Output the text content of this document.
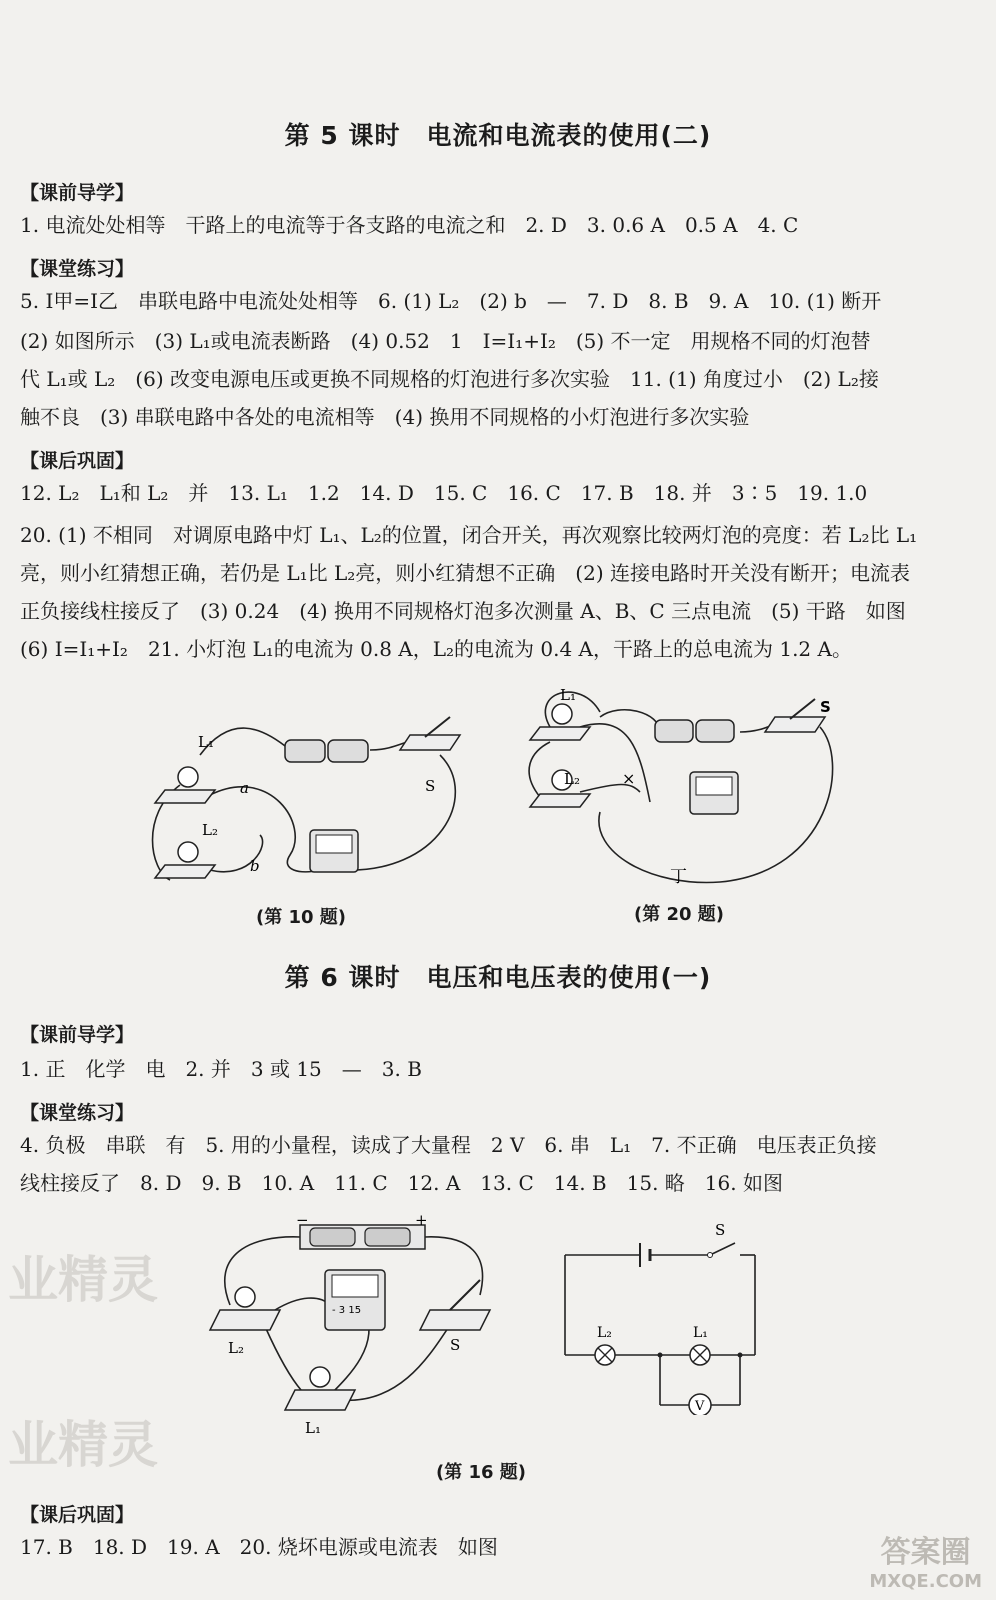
第 5 课时　电流和电流表的使用(二)
【课前导学】
1. 电流处处相等　干路上的电流等于各支路的电流之和　2. D　3. 0.6 A　0.5 A　4. C
【课堂练习】
5. I甲=I乙　串联电路中电流处处相等　6. (1) L₂　(2) b　—　7. D　8. B　9. A　10. (1) 断开
(2) 如图所示　(3) L₁或电流表断路　(4) 0.52　1　I=I₁+I₂　(5) 不一定　用规格不同的灯泡替
代 L₁或 L₂　(6) 改变电源电压或更换不同规格的灯泡进行多次实验　11. (1) 角度过小　(2) L₂接
触不良　(3) 串联电路中各处的电流相等　(4) 换用不同规格的小灯泡进行多次实验
【课后巩固】
12. L₂　L₁和 L₂　并　13. L₁　1.2　14. D　15. C　16. C　17. B　18. 并　3∶5　19. 1.0
20. (1) 不相同　对调原电路中灯 L₁、L₂的位置，闭合开关，再次观察比较两灯泡的亮度：若 L₂比 L₁
亮，则小红猜想正确，若仍是 L₁比 L₂亮，则小红猜想不正确　(2) 连接电路时开关没有断开；电流表
正负接线柱接反了　(3) 0.24　(4) 换用不同规格灯泡多次测量 A、B、C 三点电流　(5) 干路　如图
(6) I=I₁+I₂　21. 小灯泡 L₁的电流为 0.8 A，L₂的电流为 0.4 A，干路上的总电流为 1.2 A。
L₁
L₂
a
b
S
(第 10 题)
×
L₁
L₂
S
丁
(第 20 题)
第 6 课时　电压和电压表的使用(一)
【课前导学】
1. 正　化学　电　2. 并　3 或 15　—　3. B
【课堂练习】
4. 负极　串联　有　5. 用的小量程，读成了大量程　2 V　6. 串　L₁　7. 不正确　电压表正负接
线柱接反了　8. D　9. B　10. A　11. C　12. A　13. C　14. B　15. 略　16. 如图
−	+
- 3 15
L₂
L₁
S
V
S
L₂	L₁
(第 16 题)
【课后巩固】
17. B　18. D　19. A　20. 烧坏电源或电流表　如图
业精灵
业精灵
答案圈
MXQE.COM
